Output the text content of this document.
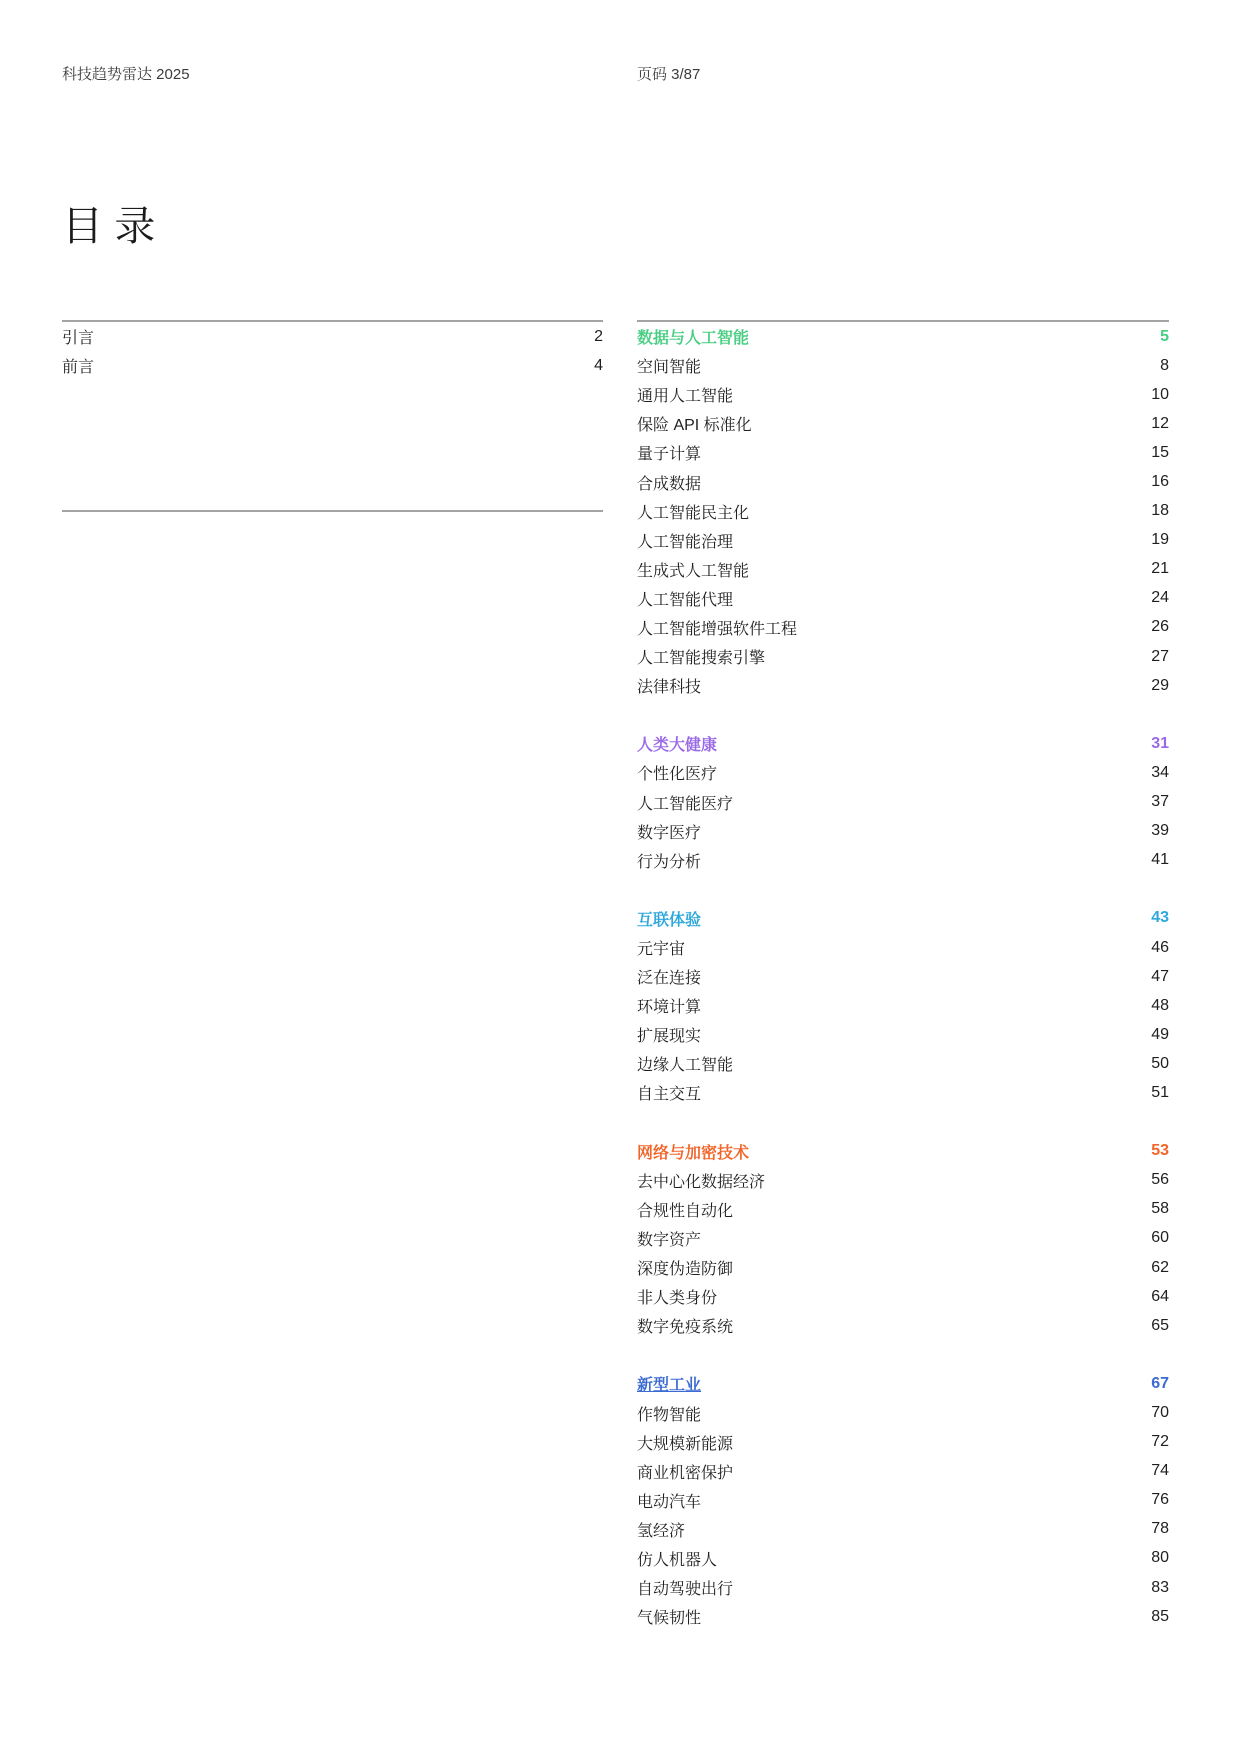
科技趋势雷达 2025	页码 3/87
目 录
引言	2
前言	4
数据与人工智能	5
空间智能	8
通用人工智能	10
保险 API 标准化	12
量子计算	15
合成数据	16
人工智能民主化	18
人工智能治理	19
生成式人工智能	21
人工智能代理	24
人工智能增强软件工程	26
人工智能搜索引擎	27
法律科技	29
人类大健康	31
个性化医疗	34
人工智能医疗	37
数字医疗	39
行为分析	41
互联体验	43
元宇宙	46
泛在连接	47
环境计算	48
扩展现实	49
边缘人工智能	50
自主交互	51
网络与加密技术	53
去中心化数据经济	56
合规性自动化	58
数字资产	60
深度伪造防御	62
非人类身份	64
数字免疫系统	65
新型工业	67
作物智能	70
大规模新能源	72
商业机密保护	74
电动汽车	76
氢经济	78
仿人机器人	80
自动驾驶出行	83
气候韧性	85
